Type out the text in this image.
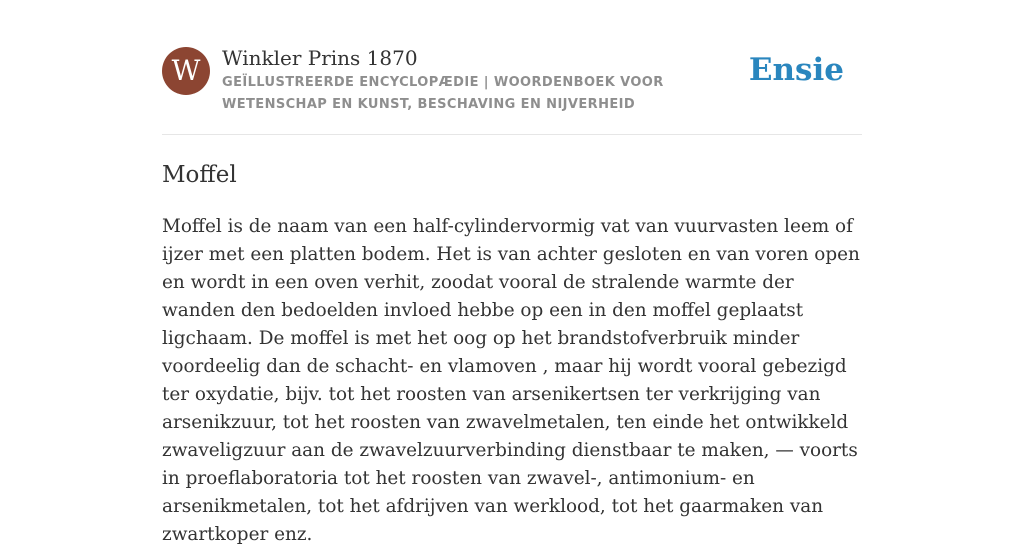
W	Winkler Prins 1870
GEÏLLUSTREERDE ENCYCLOPÆDIE | WOORDENBOEK VOOR WETENSCHAP EN KUNST, BESCHAVING EN NIJVERHEID
Ensie
Moffel

Moffel is de naam van een half-cylindervormig vat van vuurvasten leem of ijzer met een platten bodem. Het is van achter gesloten en van voren open en wordt in een oven verhit, zoodat vooral de stralende warmte der wanden den bedoelden invloed hebbe op een in den moffel geplaatst ligchaam. De moffel is met het oog op het brandstofverbruik minder voordeelig dan de schacht- en vlamoven , maar hij wordt vooral gebezigd ter oxydatie, bijv. tot het roosten van arsenikertsen ter verkrijging van arsenikzuur, tot het roosten van zwavelmetalen, ten einde het ontwikkeld zwaveligzuur aan de zwavelzuurverbinding dienstbaar te maken, — voorts in proeflaboratoria tot het roosten van zwavel-, antimonium- en arsenikmetalen, tot het afdrijven van werklood, tot het gaarmaken van zwartkoper enz.
